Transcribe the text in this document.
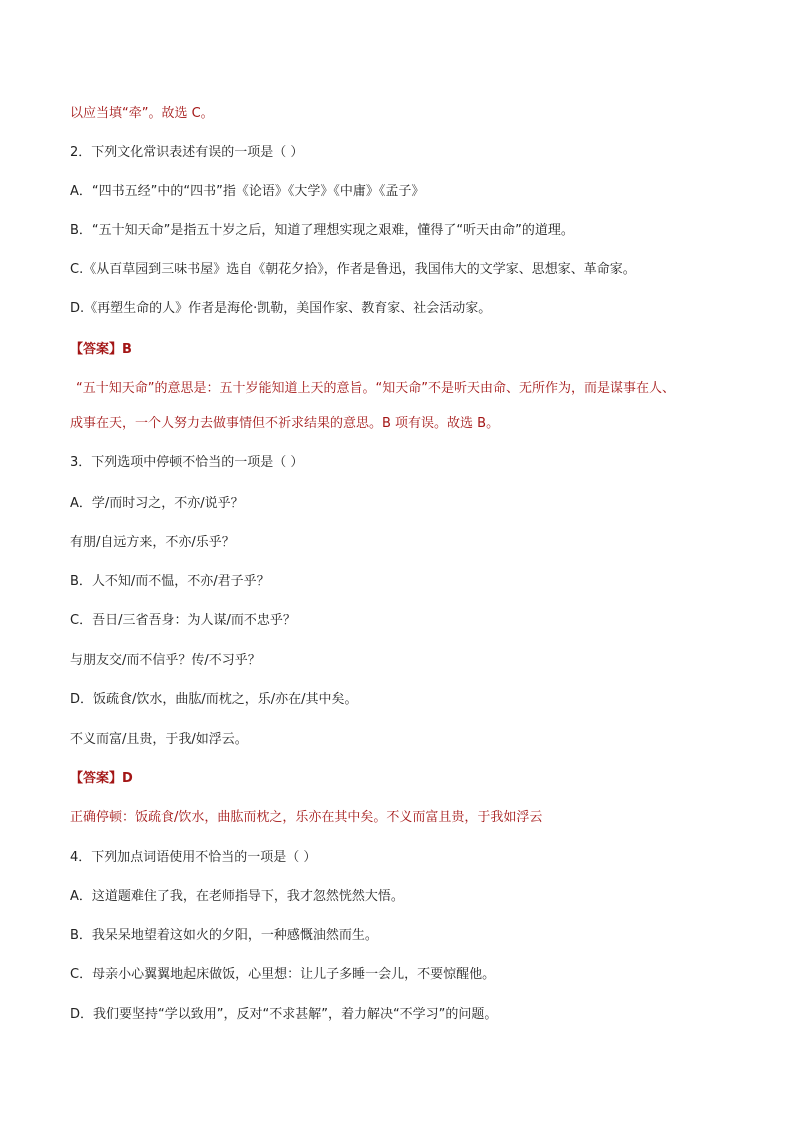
以应当填“牵”。故选 C。
2．下列文化常识表述有误的一项是（ ）
A．“四书五经”中的“四书”指《论语》《大学》《中庸》《孟子》
B．“五十知天命”是指五十岁之后，知道了理想实现之艰难，懂得了“听天由命”的道理。
C.《从百草园到三味书屋》选自《朝花夕拾》，作者是鲁迅，我国伟大的文学家、思想家、革命家。
D.《再塑生命的人》作者是海伦·凯勒，美国作家、教育家、社会活动家。
【答案】B
“五十知天命”的意思是：五十岁能知道上天的意旨。“知天命”不是听天由命、无所作为，而是谋事在人、
成事在天，一个人努力去做事情但不祈求结果的意思。B 项有误。故选 B。
3．下列选项中停顿不恰当的一项是（ ）
A．学/而时习之，不亦/说乎？
有朋/自远方来，不亦/乐乎？
B．人不知/而不愠，不亦/君子乎？
C．吾日/三省吾身：为人谋/而不忠乎？
与朋友交/而不信乎？传/不习乎？
D．饭疏食/饮水，曲肱/而枕之，乐/亦在/其中矣。
不义而富/且贵，于我/如浮云。
【答案】D
正确停顿：饭疏食/饮水，曲肱而枕之，乐亦在其中矣。不义而富且贵，于我如浮云
4．下列加点词语使用不恰当的一项是（ ）
A．这道题难住了我，在老师指导下，我才忽然恍然大悟。
B．我呆呆地望着这如火的夕阳，一种感慨油然而生。
C．母亲小心翼翼地起床做饭，心里想：让儿子多睡一会儿，不要惊醒他。
D．我们要坚持“学以致用”，反对“不求甚解”，着力解决“不学习”的问题。
